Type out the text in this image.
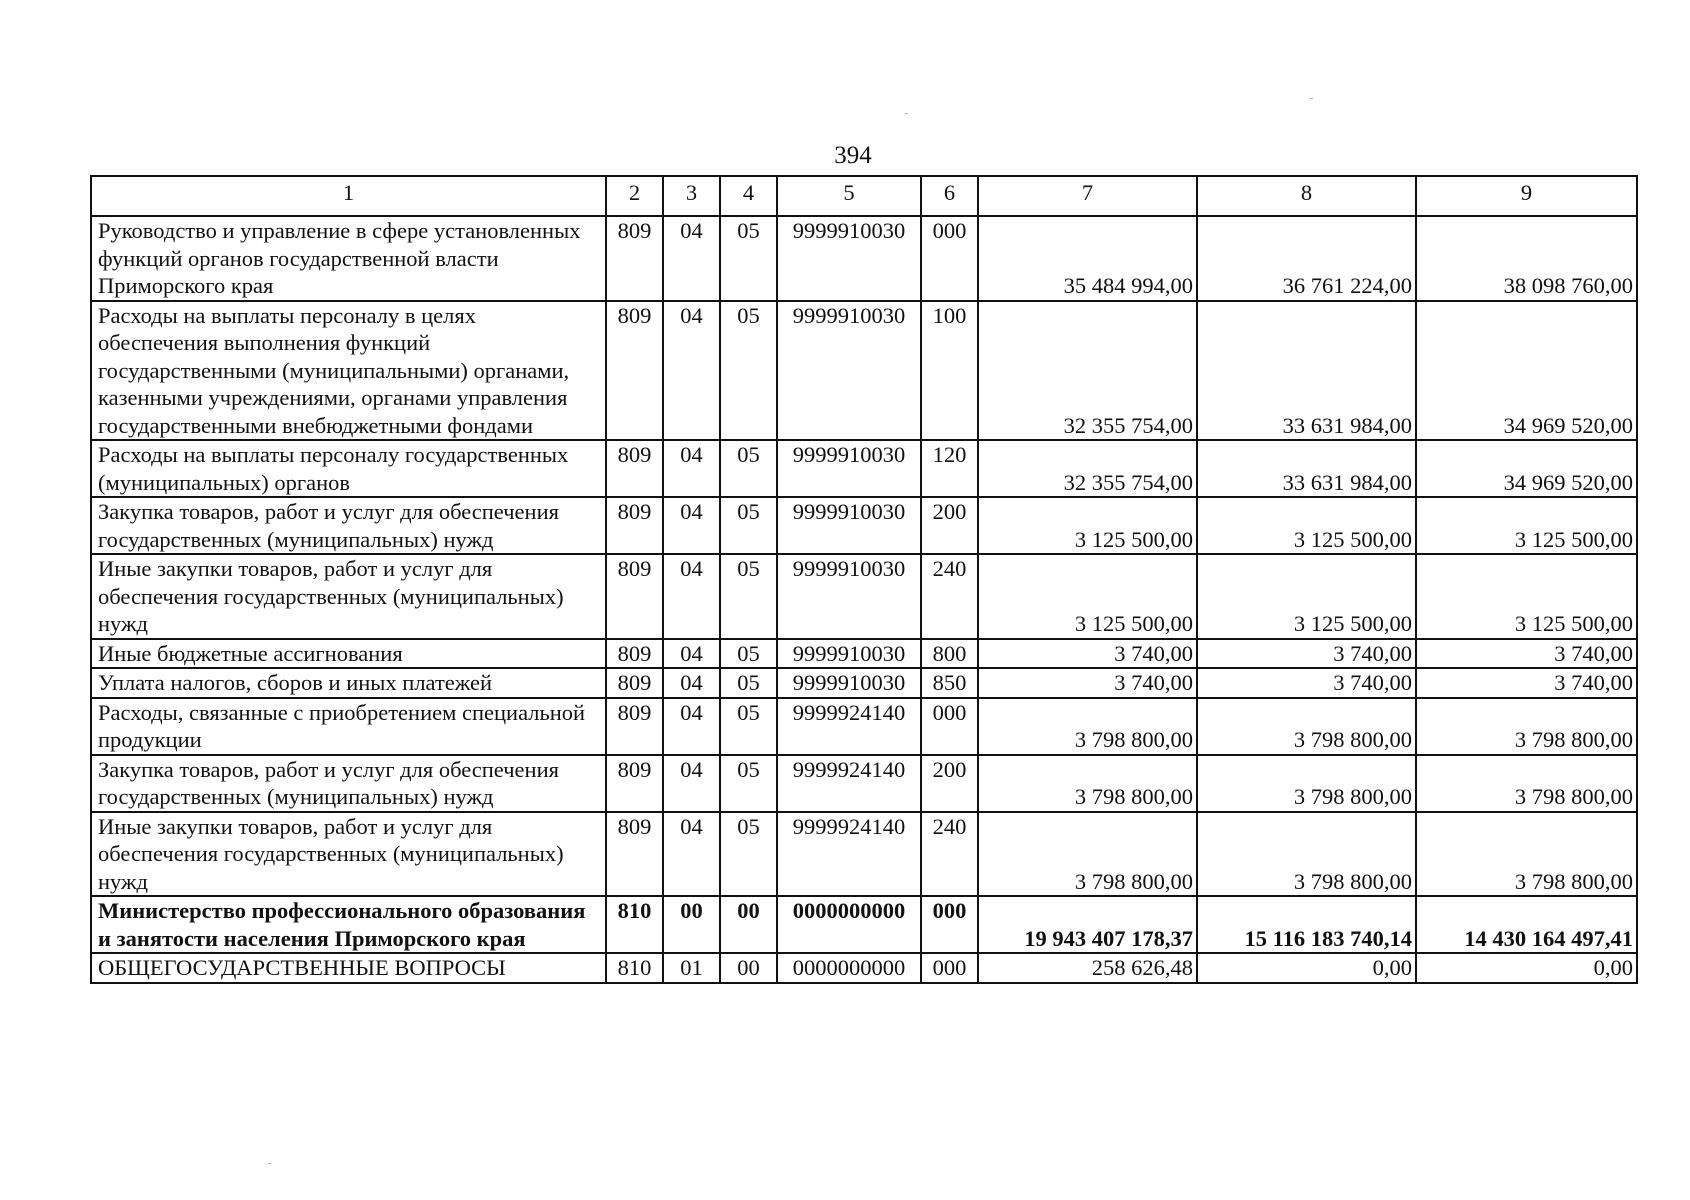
394
1	2	3	4	5	6	7	8	9
Руководство и управление в сфере установленных функций органов государственной власти Приморского края	809	04	05	9999910030	000	35 484 994,00	36 761 224,00	38 098 760,00
Расходы на выплаты персоналу в целях обеспечения выполнения функций государственными (муниципальными) органами, казенными учреждениями, органами управления государственными внебюджетными фондами	809	04	05	9999910030	100	32 355 754,00	33 631 984,00	34 969 520,00
Расходы на выплаты персоналу государственных (муниципальных) органов	809	04	05	9999910030	120	32 355 754,00	33 631 984,00	34 969 520,00
Закупка товаров, работ и услуг для обеспечения государственных (муниципальных) нужд	809	04	05	9999910030	200	3 125 500,00	3 125 500,00	3 125 500,00
Иные закупки товаров, работ и услуг для обеспечения государственных (муниципальных) нужд	809	04	05	9999910030	240	3 125 500,00	3 125 500,00	3 125 500,00
Иные бюджетные ассигнования	809	04	05	9999910030	800	3 740,00	3 740,00	3 740,00
Уплата налогов, сборов и иных платежей	809	04	05	9999910030	850	3 740,00	3 740,00	3 740,00
Расходы, связанные с приобретением специальной продукции	809	04	05	9999924140	000	3 798 800,00	3 798 800,00	3 798 800,00
Закупка товаров, работ и услуг для обеспечения государственных (муниципальных) нужд	809	04	05	9999924140	200	3 798 800,00	3 798 800,00	3 798 800,00
Иные закупки товаров, работ и услуг для обеспечения государственных (муниципальных) нужд	809	04	05	9999924140	240	3 798 800,00	3 798 800,00	3 798 800,00
Министерство профессионального образования и занятости населения Приморского края	810	00	00	0000000000	000	19 943 407 178,37	15 116 183 740,14	14 430 164 497,41
ОБЩЕГОСУДАРСТВЕННЫЕ ВОПРОСЫ	810	01	00	0000000000	000	258 626,48	0,00	0,00
